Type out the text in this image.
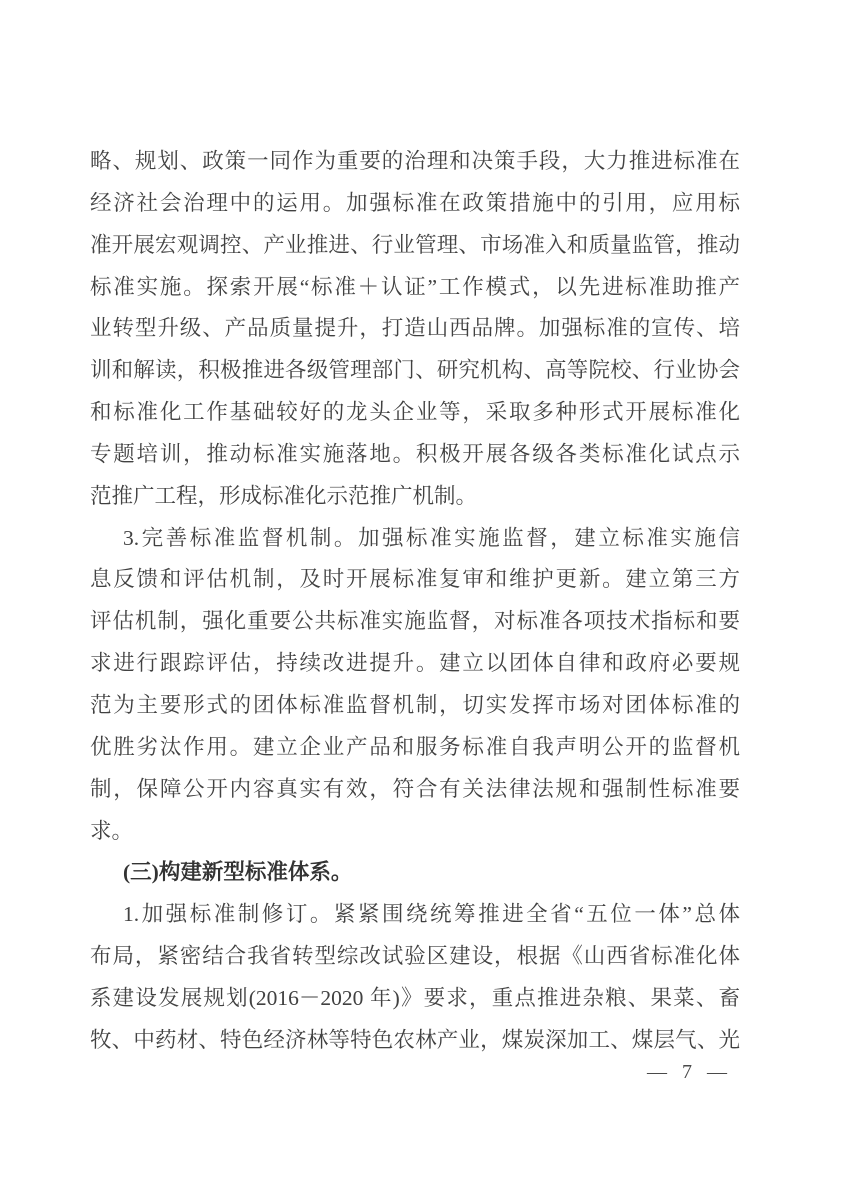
略、规划、政策一同作为重要的治理和决策手段，大力推进标准在
经济社会治理中的运用。加强标准在政策措施中的引用，应用标
准开展宏观调控、产业推进、行业管理、市场准入和质量监管，推动
标准实施。探索开展“标准＋认证”工作模式，以先进标准助推产
业转型升级、产品质量提升，打造山西品牌。加强标准的宣传、培
训和解读，积极推进各级管理部门、研究机构、高等院校、行业协会
和标准化工作基础较好的龙头企业等，采取多种形式开展标准化
专题培训，推动标准实施落地。积极开展各级各类标准化试点示
范推广工程，形成标准化示范推广机制。
3.完善标准监督机制。加强标准实施监督，建立标准实施信
息反馈和评估机制，及时开展标准复审和维护更新。建立第三方
评估机制，强化重要公共标准实施监督，对标准各项技术指标和要
求进行跟踪评估，持续改进提升。建立以团体自律和政府必要规
范为主要形式的团体标准监督机制，切实发挥市场对团体标准的
优胜劣汰作用。建立企业产品和服务标准自我声明公开的监督机
制，保障公开内容真实有效，符合有关法律法规和强制性标准要
求。
(三)构建新型标准体系。
1.加强标准制修订。紧紧围绕统筹推进全省“五位一体”总体
布局，紧密结合我省转型综改试验区建设，根据《山西省标准化体
系建设发展规划(2016－2020 年)》要求，重点推进杂粮、果菜、畜
牧、中药材、特色经济林等特色农林产业，煤炭深加工、煤层气、光
— 7 —
